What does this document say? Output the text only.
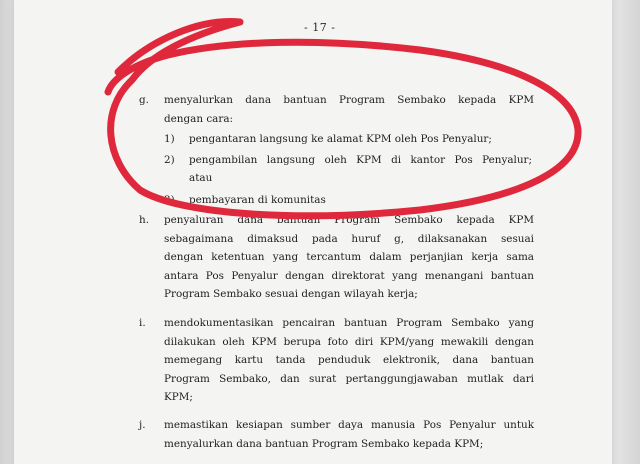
- 17 -
g.	menyalurkan dana bantuan Program Sembako kepada KPM
dengan cara:
1) pengantaran langsung ke alamat KPM oleh Pos Penyalur;
2) pengambilan langsung oleh KPM di kantor Pos Penyalur;
atau
3) pembayaran di komunitas
h.	penyaluran dana bantuan Program Sembako kepada KPM
sebagaimana dimaksud pada huruf g, dilaksanakan sesuai
dengan ketentuan yang tercantum dalam perjanjian kerja sama
antara Pos Penyalur dengan direktorat yang menangani bantuan
Program Sembako sesuai dengan wilayah kerja;
i.	mendokumentasikan pencairan bantuan Program Sembako yang
dilakukan oleh KPM berupa foto diri KPM/yang mewakili dengan
memegang kartu tanda penduduk elektronik, dana bantuan
Program Sembako, dan surat pertanggungjawaban mutlak dari
KPM;
j.	memastikan kesiapan sumber daya manusia Pos Penyalur untuk
menyalurkan dana bantuan Program Sembako kepada KPM;
